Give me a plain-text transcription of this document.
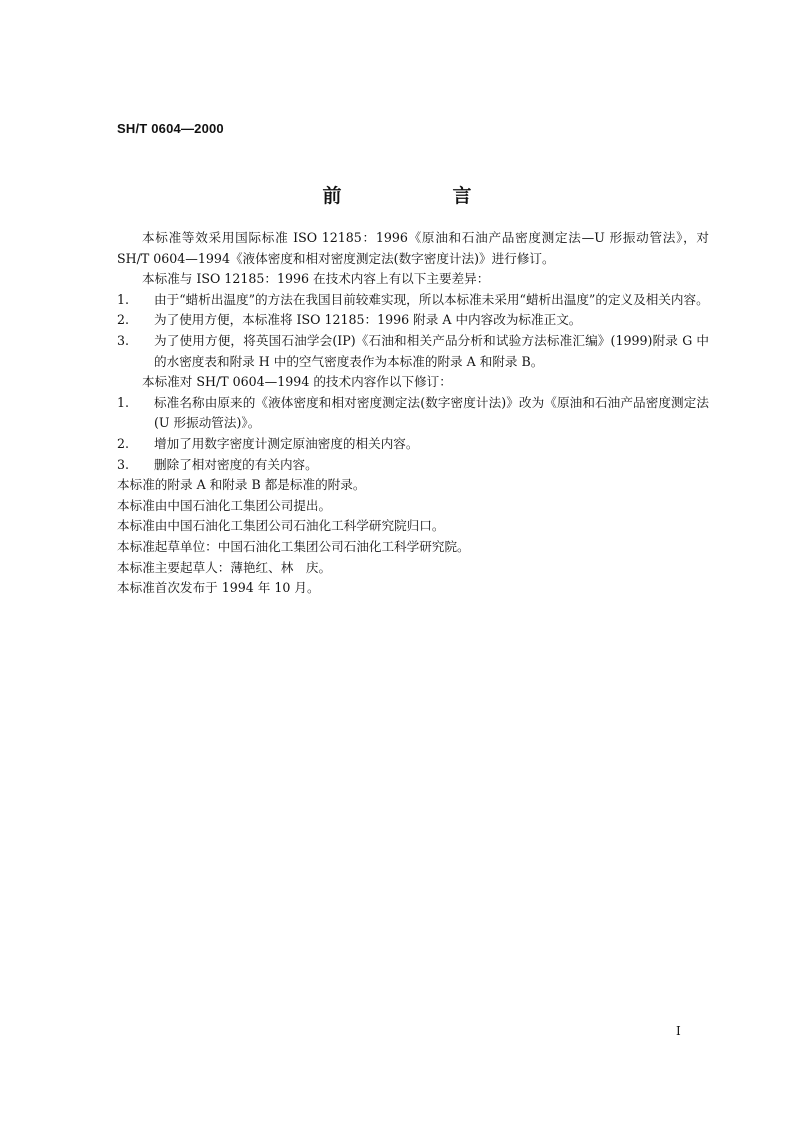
SH/T 0604—2000
前　言

本标准等效采用国际标准 ISO 12185：1996《原油和石油产品密度测定法—U 形振动管法》，对 SH/T 0604—1994《液体密度和相对密度测定法(数字密度计法)》进行修订。

本标准与 ISO 12185：1996 在技术内容上有以下主要差异：

1.	由于“蜡析出温度”的方法在我国目前较难实现，所以本标准未采用“蜡析出温度”的定义及相关内容。
2.	为了使用方便，本标准将 ISO 12185：1996 附录 A 中内容改为标准正文。
3.	为了使用方便，将英国石油学会(IP)《石油和相关产品分析和试验方法标准汇编》(1999)附录 G 中的水密度表和附录 H 中的空气密度表作为本标准的附录 A 和附录 B。

本标准对 SH/T 0604—1994 的技术内容作以下修订：

1.	标准名称由原来的《液体密度和相对密度测定法(数字密度计法)》改为《原油和石油产品密度测定法(U 形振动管法)》。
2.	增加了用数字密度计测定原油密度的相关内容。
3.	删除了相对密度的有关内容。

本标准的附录 A 和附录 B 都是标准的附录。

本标准由中国石油化工集团公司提出。

本标准由中国石油化工集团公司石油化工科学研究院归口。

本标准起草单位：中国石油化工集团公司石油化工科学研究院。

本标准主要起草人：薄艳红、林　庆。

本标准首次发布于 1994 年 10 月。

I
